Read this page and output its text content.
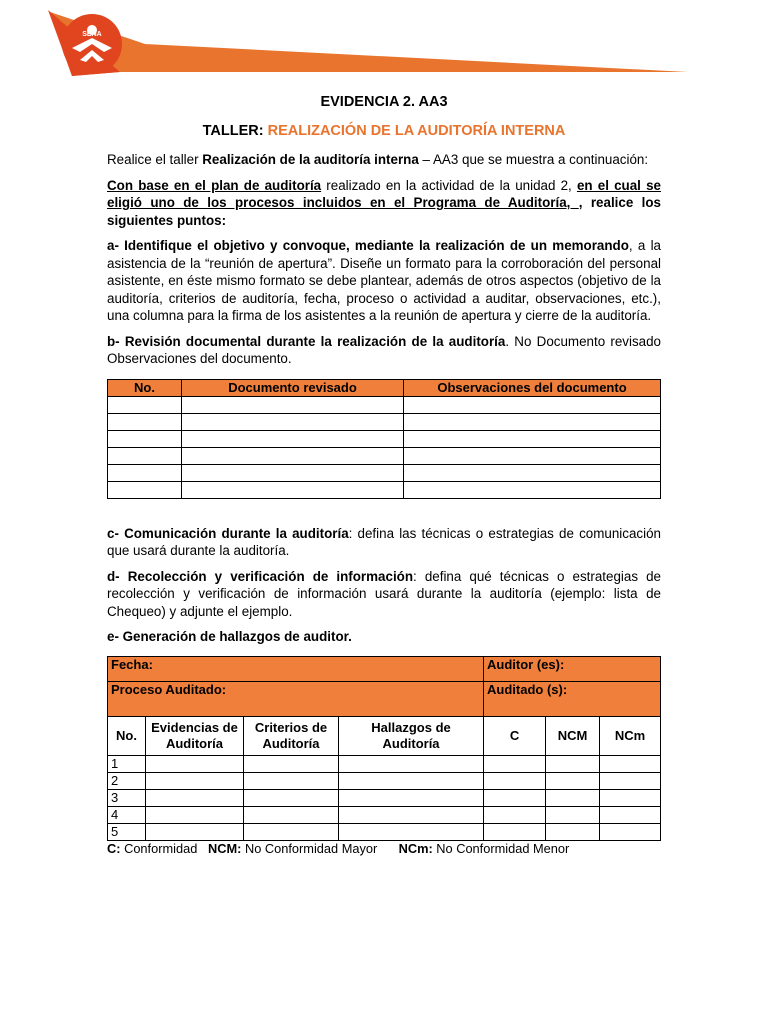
SENA
EVIDENCIA 2. AA3
TALLER: REALIZACIÓN DE LA AUDITORÍA INTERNA

Realice el taller Realización de la auditoría interna – AA3 que se muestra a continuación:

Con base en el plan de auditoría realizado en la actividad de la unidad 2, en el cual se eligió uno de los procesos incluidos en el Programa de Auditoría, , realice los siguientes puntos:

a- Identifique el objetivo y convoque, mediante la realización de un memorando, a la asistencia de la “reunión de apertura”. Diseñe un formato para la corroboración del personal asistente, en éste mismo formato se debe plantear, además de otros aspectos (objetivo de la auditoría, criterios de auditoría, fecha, proceso o actividad a auditar, observaciones, etc.), una columna para la firma de los asistentes a la reunión de apertura y cierre de la auditoría.

b- Revisión documental durante la realización de la auditoría. No Documento revisado Observaciones del documento.

No.	Documento revisado	Observaciones del documento

c- Comunicación durante la auditoría: defina las técnicas o estrategias de comunicación que usará durante la auditoría.

d- Recolección y verificación de información: defina qué técnicas o estrategias de recolección y verificación de información usará durante la auditoría (ejemplo: lista de Chequeo) y adjunte el ejemplo.

e- Generación de hallazgos de auditor.

Fecha:				Auditor (es):		
Proceso Auditado:				Auditado (s):		
No.	Evidencias de Auditoría	Criterios de Auditoría	Hallazgos de Auditoría	C	NCM	NCm
1						
2						
3						
4						
5						

C: Conformidad NCM: No Conformidad Mayor NCm: No Conformidad Menor
